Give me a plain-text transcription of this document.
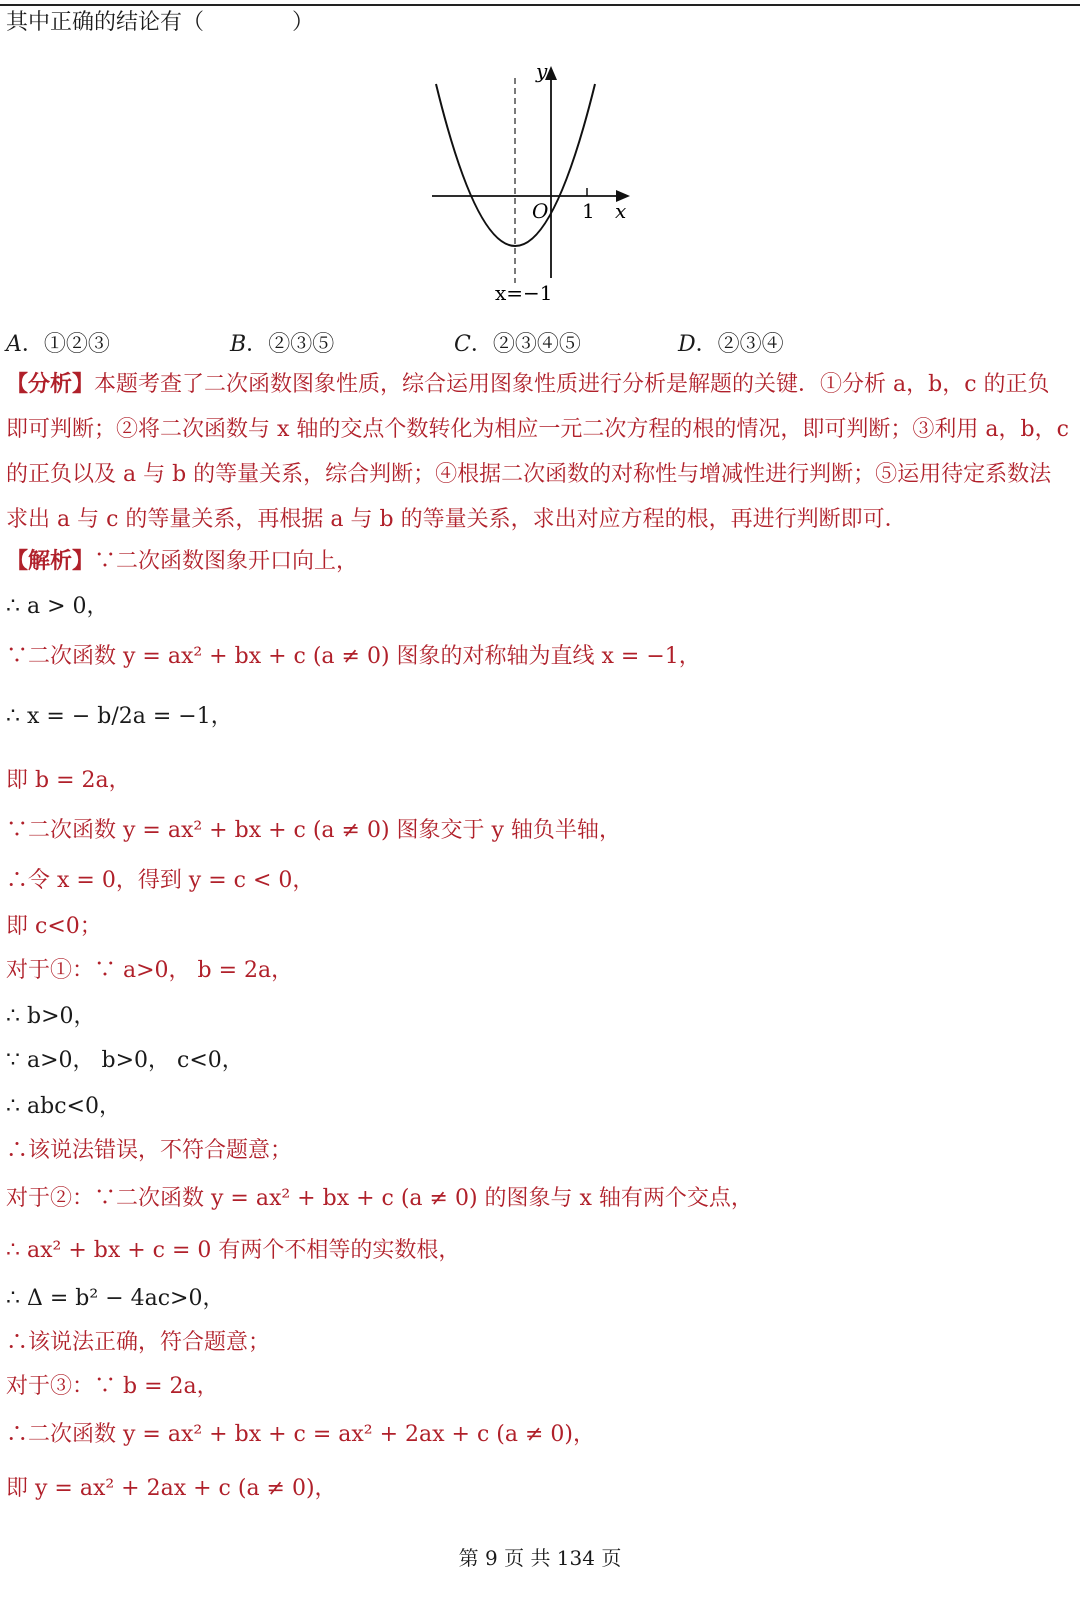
其中正确的结论有（　　　　）
y
x
O 1
x=−1
A．①②③	B．②③⑤	C．②③④⑤	D．②③④
【分析】本题考查了二次函数图象性质，综合运用图象性质进行分析是解题的关键．①分析 a，b，c 的正负即可判断；②将二次函数与 x 轴的交点个数转化为相应一元二次方程的根的情况，即可判断；③利用 a，b，c 的正负以及 a 与 b 的等量关系，综合判断；④根据二次函数的对称性与增减性进行判断；⑤运用待定系数法求出 a 与 c 的等量关系，再根据 a 与 b 的等量关系，求出对应方程的根，再进行判断即可．
【解析】∵二次函数图象开口向上，
∴ a > 0，
∵二次函数 y = ax² + bx + c (a ≠ 0) 图象的对称轴为直线 x = −1，
∴ x = − b/2a = −1，
即 b = 2a，
∵二次函数 y = ax² + bx + c (a ≠ 0) 图象交于 y 轴负半轴，
∴令 x = 0，得到 y = c < 0，
即 c<0；
对于①：∵ a>0， b = 2a，
∴ b>0，
∵ a>0， b>0， c<0，
∴ abc<0，
∴该说法错误，不符合题意；
对于②：∵二次函数 y = ax² + bx + c (a ≠ 0) 的图象与 x 轴有两个交点，
∴ ax² + bx + c = 0 有两个不相等的实数根，
∴ Δ = b² − 4ac>0，
∴该说法正确，符合题意；
对于③：∵ b = 2a，
∴二次函数 y = ax² + bx + c = ax² + 2ax + c (a ≠ 0)，
即 y = ax² + 2ax + c (a ≠ 0)，
第 9 页 共 134 页
